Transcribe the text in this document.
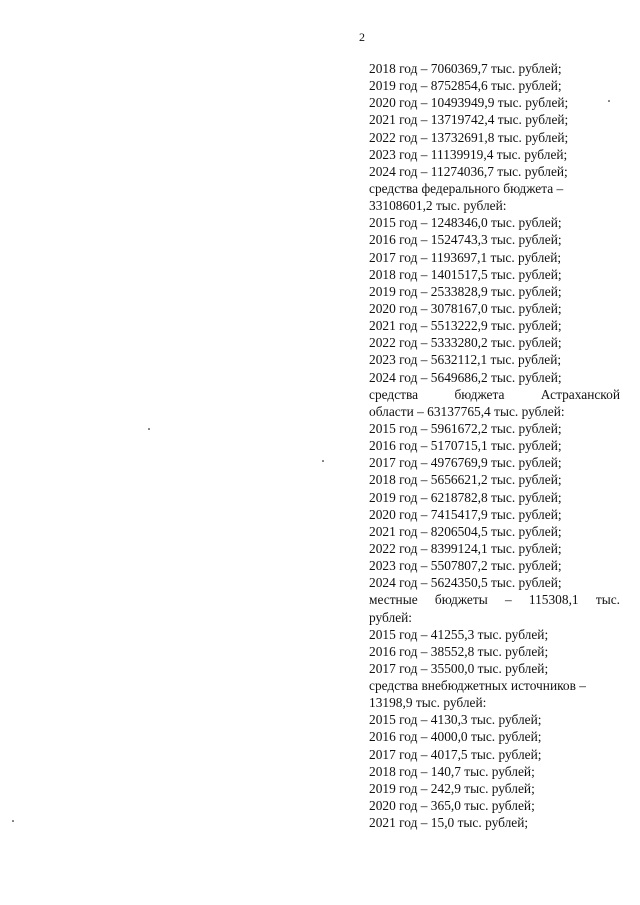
2
2018 год – 7060369,7 тыс. рублей;
2019 год – 8752854,6 тыс. рублей;
2020 год – 10493949,9 тыс. рублей;
2021 год – 13719742,4 тыс. рублей;
2022 год – 13732691,8 тыс. рублей;
2023 год – 11139919,4 тыс. рублей;
2024 год – 11274036,7 тыс. рублей;
средства федерального бюджета –
33108601,2 тыс. рублей:
2015 год – 1248346,0 тыс. рублей;
2016 год – 1524743,3 тыс. рублей;
2017 год – 1193697,1 тыс. рублей;
2018 год – 1401517,5 тыс. рублей;
2019 год – 2533828,9 тыс. рублей;
2020 год – 3078167,0 тыс. рублей;
2021 год – 5513222,9 тыс. рублей;
2022 год – 5333280,2 тыс. рублей;
2023 год – 5632112,1 тыс. рублей;
2024 год – 5649686,2 тыс. рублей;
средства бюджета Астраханской
области – 63137765,4 тыс. рублей:
2015 год – 5961672,2 тыс. рублей;
2016 год – 5170715,1 тыс. рублей;
2017 год – 4976769,9 тыс. рублей;
2018 год – 5656621,2 тыс. рублей;
2019 год – 6218782,8 тыс. рублей;
2020 год – 7415417,9 тыс. рублей;
2021 год – 8206504,5 тыс. рублей;
2022 год – 8399124,1 тыс. рублей;
2023 год – 5507807,2 тыс. рублей;
2024 год – 5624350,5 тыс. рублей;
местные бюджеты – 115308,1 тыс.
рублей:
2015 год – 41255,3 тыс. рублей;
2016 год – 38552,8 тыс. рублей;
2017 год – 35500,0 тыс. рублей;
средства внебюджетных источников –
13198,9 тыс. рублей:
2015 год – 4130,3 тыс. рублей;
2016 год – 4000,0 тыс. рублей;
2017 год – 4017,5 тыс. рублей;
2018 год – 140,7 тыс. рублей;
2019 год – 242,9 тыс. рублей;
2020 год – 365,0 тыс. рублей;
2021 год – 15,0 тыс. рублей;
